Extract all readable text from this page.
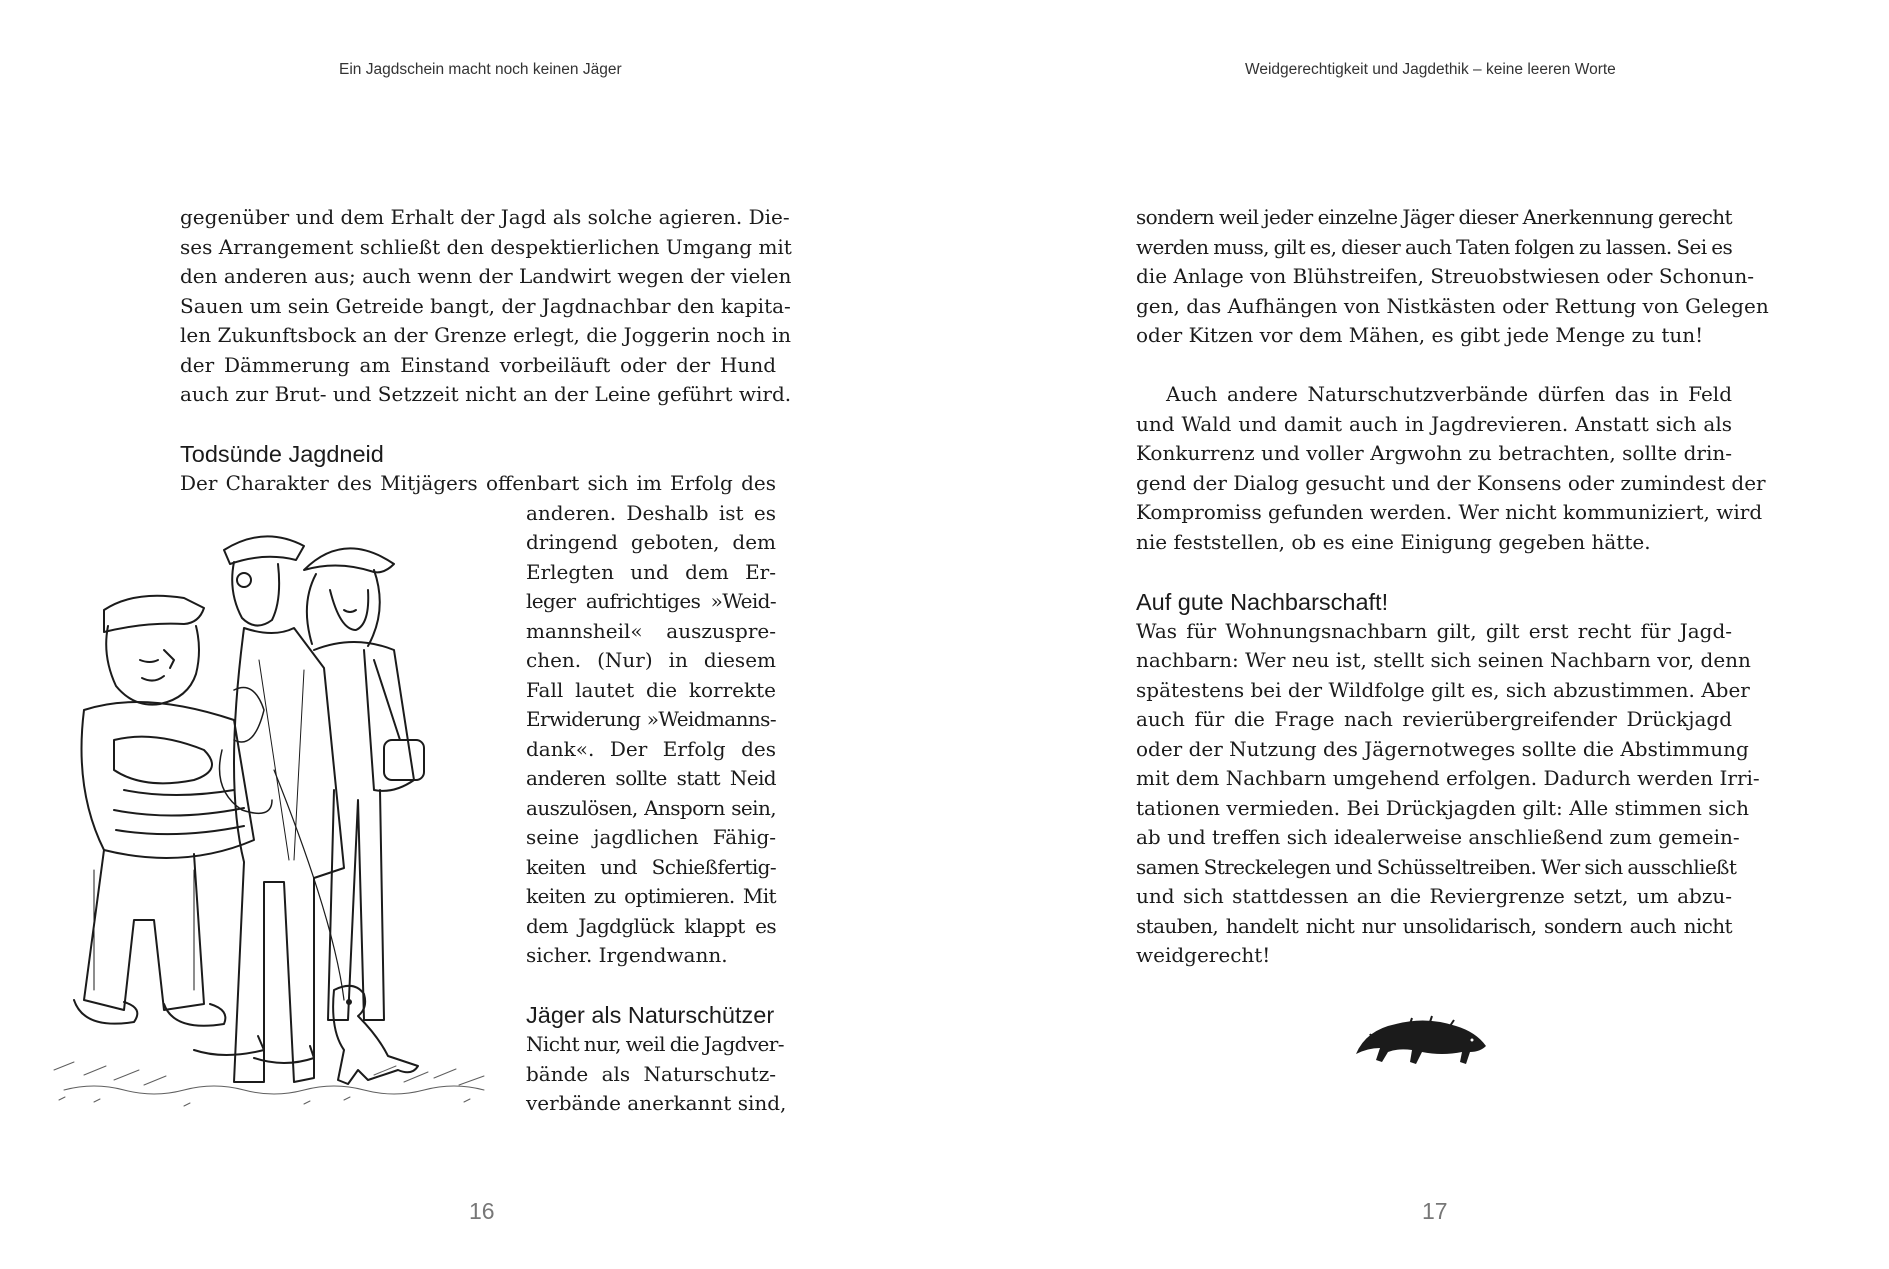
Ein Jagdschein macht noch keinen Jäger

gegenüber und dem Erhalt der Jagd als solche agieren. Die-
ses Arrangement schließt den despektierlichen Umgang mit
den anderen aus; auch wenn der Landwirt wegen der vielen
Sauen um sein Getreide bangt, der Jagdnachbar den kapita-
len Zukunftsbock an der Grenze erlegt, die Joggerin noch in
der Dämmerung am Einstand vorbeiläuft oder der Hund
auch zur Brut- und Setzzeit nicht an der Leine geführt wird.

Todsünde Jagdneid

Der Charakter des Mitjägers offenbart sich im Erfolg des
anderen. Deshalb ist es
dringend geboten, dem
Erlegten und dem Er-
leger aufrichtiges »Weid-
mannsheil« auszuspre-
chen. (Nur) in diesem
Fall lautet die korrekte
Erwiderung »Weidmanns-
dank«. Der Erfolg des
anderen sollte statt Neid
auszulösen, Ansporn sein,
seine jagdlichen Fähig-
keiten und Schießfertig-
keiten zu optimieren. Mit
dem Jagdglück klappt es
sicher. Irgendwann.

Jäger als Naturschützer

Nicht nur, weil die Jagdver-
bände als Naturschutz-
verbände anerkannt sind,

16
Weidgerechtigkeit und Jagdethik – keine leeren Worte

sondern weil jeder einzelne Jäger dieser Anerkennung gerecht
werden muss, gilt es, dieser auch Taten folgen zu lassen. Sei es
die Anlage von Blühstreifen, Streuobstwiesen oder Schonun-
gen, das Aufhängen von Nistkästen oder Rettung von Gelegen
oder Kitzen vor dem Mähen, es gibt jede Menge zu tun!

Auch andere Naturschutzverbände dürfen das in Feld
und Wald und damit auch in Jagdrevieren. Anstatt sich als
Konkurrenz und voller Argwohn zu betrachten, sollte drin-
gend der Dialog gesucht und der Konsens oder zumindest der
Kompromiss gefunden werden. Wer nicht kommuniziert, wird
nie feststellen, ob es eine Einigung gegeben hätte.

Auf gute Nachbarschaft!

Was für Wohnungsnachbarn gilt, gilt erst recht für Jagd-
nachbarn: Wer neu ist, stellt sich seinen Nachbarn vor, denn
spätestens bei der Wildfolge gilt es, sich abzustimmen. Aber
auch für die Frage nach revierübergreifender Drückjagd
oder der Nutzung des Jägernotweges sollte die Abstimmung
mit dem Nachbarn umgehend erfolgen. Dadurch werden Irri-
tationen vermieden. Bei Drückjagden gilt: Alle stimmen sich
ab und treffen sich idealerweise anschließend zum gemein-
samen Streckelegen und Schüsseltreiben. Wer sich ausschließt
und sich stattdessen an die Reviergrenze setzt, um abzu-
stauben, handelt nicht nur unsolidarisch, sondern auch nicht
weidgerecht!

17
